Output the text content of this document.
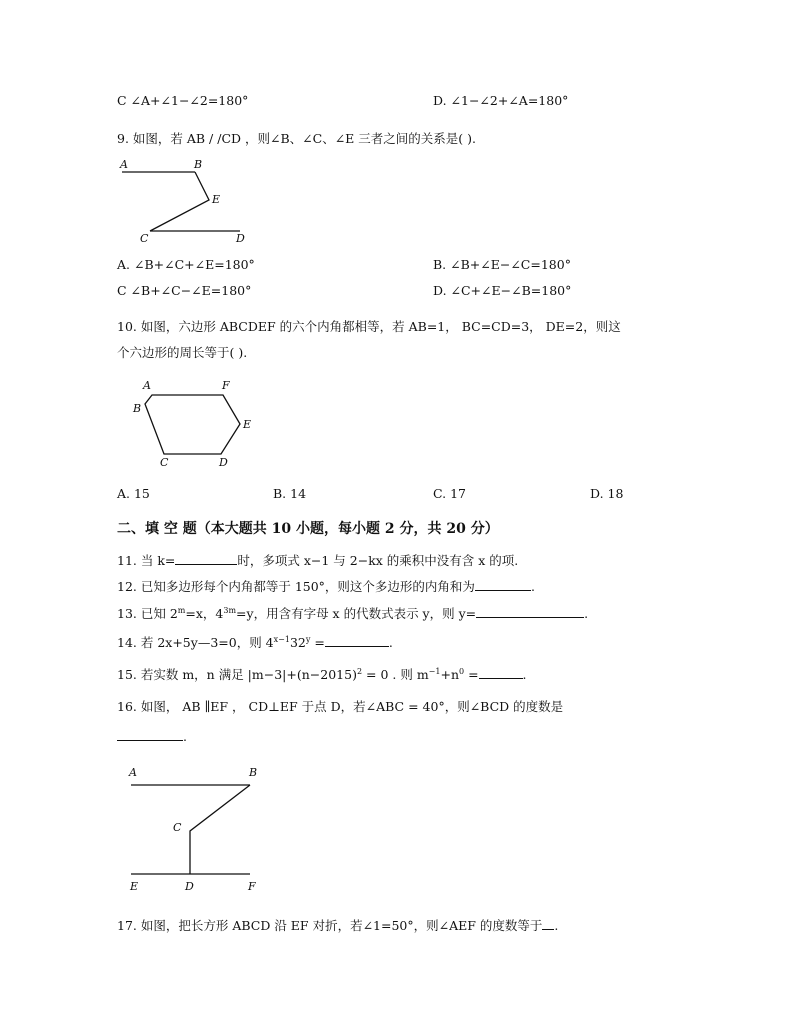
C ∠A+∠1−∠2=180°	D. ∠1−∠2+∠A=180°
9. 如图，若 AB / /CD ，则∠B、∠C、∠E 三者之间的关系是( ).
A	B
E
C	D
A. ∠B+∠C+∠E=180°	B. ∠B+∠E−∠C=180°
C ∠B+∠C−∠E=180°	D. ∠C+∠E−∠B=180°
10. 如图，六边形 ABCDEF 的六个内角都相等，若 AB=1， BC=CD=3， DE=2，则这
个六边形的周长等于( ).
A	F
B
E
C	D
A. 15	B. 14	C. 17	D. 18
二、填 空 题（本大题共 10 小题，每小题 2 分，共 20 分）
11. 当 k=	时，多项式 x−1 与 2−kx 的乘积中没有含 x 的项.
12. 已知多边形每个内角都等于 150°，则这个多边形的内角和为	.
13. 已知 $2^m=x$，$4^{3m}=y$，用含有字母 x 的代数式表示 y，则 y=	.
14. 若 2x+5y—3=0，则 $4^{x-1}32^y$ =	.
15. 若实数 m，n 满足 $|m-3|+(n-2015)^2 = 0$ . 则 $m^{-1}+n^0$ =	.
16. 如图， AB ∥EF ， CD⊥EF 于点 D，若∠ABC = 40°，则∠BCD 的度数是
.
A	B
C
E	D	F
17. 如图，把长方形 ABCD 沿 EF 对折，若∠1=50°，则∠AEF 的度数等于 .
